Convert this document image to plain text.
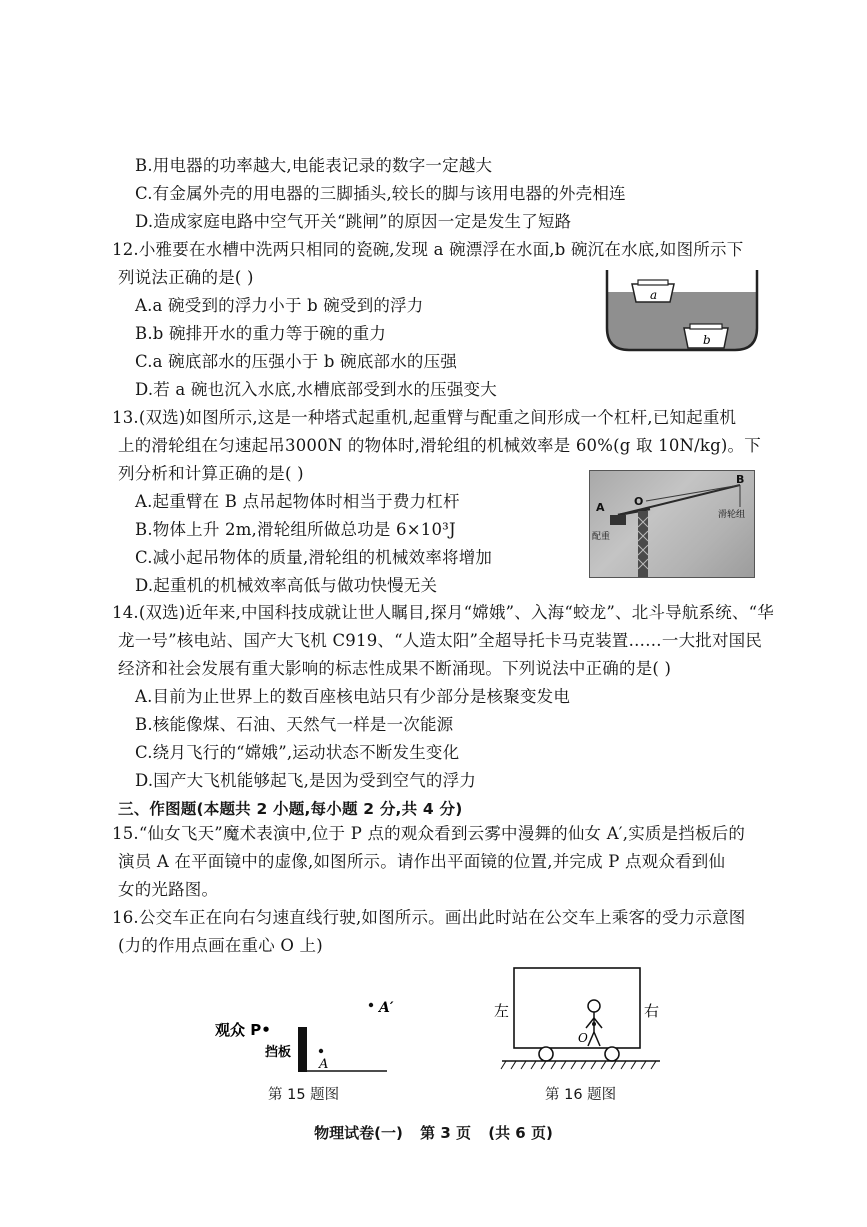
B.用电器的功率越大,电能表记录的数字一定越大
C.有金属外壳的用电器的三脚插头,较长的脚与该用电器的外壳相连
D.造成家庭电路中空气开关“跳闸”的原因一定是发生了短路
12.小雅要在水槽中洗两只相同的瓷碗,发现 a 碗漂浮在水面,b 碗沉在水底,如图所示下
列说法正确的是( )
A.a 碗受到的浮力小于 b 碗受到的浮力
B.b 碗排开水的重力等于碗的重力
C.a 碗底部水的压强小于 b 碗底部水的压强
D.若 a 碗也沉入水底,水槽底部受到水的压强变大
a
b
13.(双选)如图所示,这是一种塔式起重机,起重臂与配重之间形成一个杠杆,已知起重机
上的滑轮组在匀速起吊3000N 的物体时,滑轮组的机械效率是 60%(g 取 10N/kg)。下
列分析和计算正确的是( )
A.起重臂在 B 点吊起物体时相当于费力杠杆
B.物体上升 2m,滑轮组所做总功是 6×10³J
C.减小起吊物体的质量,滑轮组的机械效率将增加
D.起重机的机械效率高低与做功快慢无关
A	O
B
配重
滑轮组
14.(双选)近年来,中国科技成就让世人瞩目,探月“嫦娥”、入海“蛟龙”、北斗导航系统、“华
龙一号”核电站、国产大飞机 C919、“人造太阳”全超导托卡马克装置……一大批对国民
经济和社会发展有重大影响的标志性成果不断涌现。下列说法中正确的是( )
A.目前为止世界上的数百座核电站只有少部分是核聚变发电
B.核能像煤、石油、天然气一样是一次能源
C.绕月飞行的“嫦娥”,运动状态不断发生变化
D.国产大飞机能够起飞,是因为受到空气的浮力
三、作图题(本题共 2 小题,每小题 2 分,共 4 分)
15.“仙女飞天”魔术表演中,位于 P 点的观众看到云雾中漫舞的仙女 A′,实质是挡板后的
演员 A 在平面镜中的虚像,如图所示。请作出平面镜的位置,并完成 P 点观众看到仙
女的光路图。
16.公交车正在向右匀速直线行驶,如图所示。画出此时站在公交车上乘客的受力示意图
(力的作用点画在重心 O 上)
观众 P•
挡板
A
A′
第 15 题图
左	右
O
第 16 题图
物理试卷(一) 第 3 页 (共 6 页)
